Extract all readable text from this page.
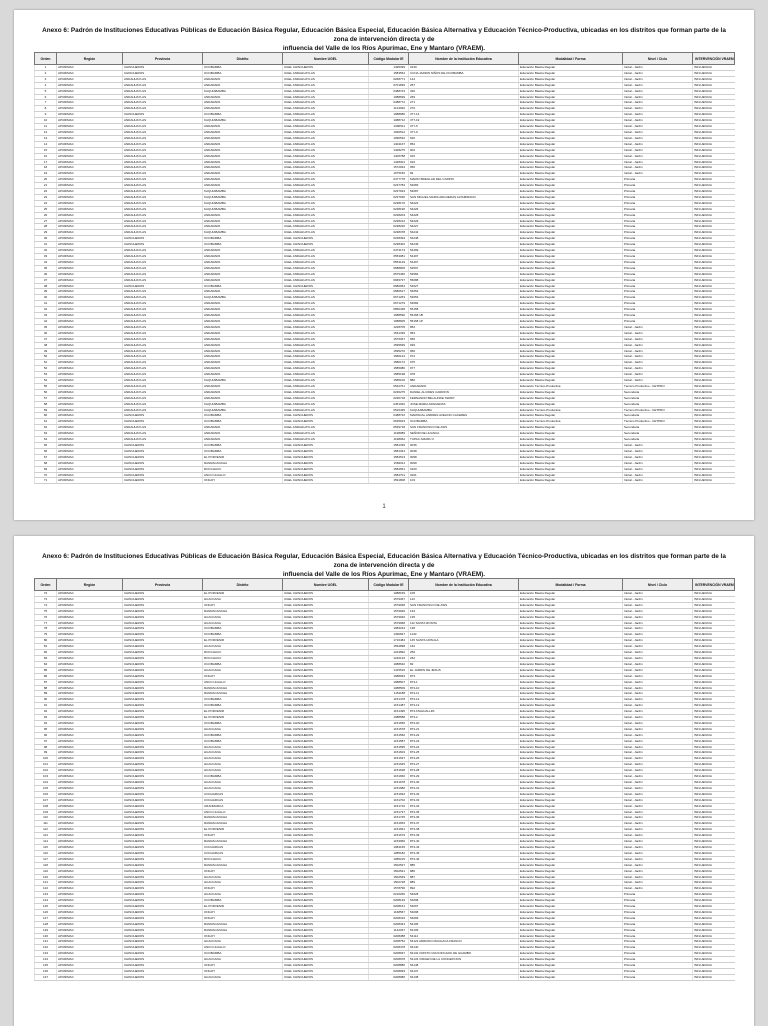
Anexo 6: Padrón de Instituciones Educativas Públicas de Educación Básica Regular, Educación Básica Especial, Educación Básica Alternativa y Educación Técnico-Productiva, ubicadas en los distritos que forman parte de la zona de intervención directa y de
influencia del Valle de los Ríos Apurímac, Ene y Mantaro (VRAEM).
Orden	Región	Provincia	Distrito	Nombre UGEL	Código Modular IE	Nombre de la Institución Educativa	Modalidad / Forma	Nivel / Ciclo	INTERVENCIÓN VRAEM
1	APURIMAC	CHINCHEROS	OCOBAMBA	UGEL CHINCHEROS	1495399	0130	Educación Básica Regular	Inicial - Jardín	INFLUENCIA
2	APURIMAC	CHINCHEROS	OCOBAMBA	UGEL ANDAHUAYLAS	1583564	CUNA JARDIN NIÑOS DE OCOBAMBA	Educación Básica Regular	Inicial - Jardín	INFLUENCIA
3	APURIMAC	ANDAHUAYLAS	ANDARAPA	UGEL ANDAHUAYLAS	0268771	144	Educación Básica Regular	Inicial - Jardín	INFLUENCIA
4	APURIMAC	ANDAHUAYLAS	ANDARAPA	UGEL ANDAHUAYLAS	0701839	257	Educación Básica Regular	Inicial - Jardín	INFLUENCIA
5	APURIMAC	ANDAHUAYLAS	KAQUIABAMBA	UGEL ANDAHUAYLAS	0488743	330	Educación Básica Regular	Inicial - Jardín	INFLUENCIA
6	APURIMAC	ANDAHUAYLAS	ANDARAPA	UGEL ANDAHUAYLAS	1088699	269	Educación Básica Regular	Inicial - Jardín	INFLUENCIA
7	APURIMAC	ANDAHUAYLAS	ANDARAPA	UGEL ANDAHUAYLAS	0488772	271	Educación Básica Regular	Inicial - Jardín	INFLUENCIA
8	APURIMAC	ANDAHUAYLAS	ANDARAPA	UGEL ANDAHUAYLAS	1124092	270	Educación Básica Regular	Inicial - Jardín	INFLUENCIA
9	APURIMAC	CHINCHEROS	OCOBAMBA	UGEL ANDAHUAYLAS	1088686	377-12	Educación Básica Regular	Inicial - Jardín	INFLUENCIA
10	APURIMAC	ANDAHUAYLAS	KAQUIABAMBA	UGEL ANDAHUAYLAS	1088712	377-19	Educación Básica Regular	Inicial - Jardín	INFLUENCIA
11	APURIMAC	ANDAHUAYLAS	ANDARAPA	UGEL ANDAHUAYLAS	1090511	377-5	Educación Básica Regular	Inicial - Jardín	INFLUENCIA
12	APURIMAC	ANDAHUAYLAS	ANDARAPA	UGEL ANDAHUAYLAS	1090512	377-9	Educación Básica Regular	Inicial - Jardín	INFLUENCIA
13	APURIMAC	ANDAHUAYLAS	ANDARAPA	UGEL ANDAHUAYLAS	1090532	620	Educación Básica Regular	Inicial - Jardín	INFLUENCIA
14	APURIMAC	ANDAHUAYLAS	ANDARAPA	UGEL ANDAHUAYLAS	1404167	854	Educación Básica Regular	Inicial - Jardín	INFLUENCIA
15	APURIMAC	ANDAHUAYLAS	ANDARAPA	UGEL ANDAHUAYLAS	1428275	902	Educación Básica Regular	Inicial - Jardín	INFLUENCIA
16	APURIMAC	ANDAHUAYLAS	ANDARAPA	UGEL ANDAHUAYLAS	1405788	915	Educación Básica Regular	Inicial - Jardín	INFLUENCIA
17	APURIMAC	ANDAHUAYLAS	ANDARAPA	UGEL ANDAHUAYLAS	1428301	916	Educación Básica Regular	Inicial - Jardín	INFLUENCIA
18	APURIMAC	ANDAHUAYLAS	ANDARAPA	UGEL ANDAHUAYLAS	1572934	956	Educación Básica Regular	Inicial - Jardín	INFLUENCIA
19	APURIMAC	ANDAHUAYLAS	ANDARAPA	UGEL ANDAHUAYLAS	1675150	82	Educación Básica Regular	Inicial - Jardín	INFLUENCIA
20	APURIMAC	ANDAHUAYLAS	ANDARAPA	UGEL ANDAHUAYLAS	0477778	MARIO BREGLAD DEL CARPIO	Educación Básica Regular	Primaria	INFLUENCIA
21	APURIMAC	ANDAHUAYLAS	ANDARAPA	UGEL ANDAHUAYLAS	0237784	54083	Educación Básica Regular	Primaria	INFLUENCIA
22	APURIMAC	ANDAHUAYLAS	KAQUIABAMBA	UGEL ANDAHUAYLAS	0237933	54087	Educación Básica Regular	Primaria	INFLUENCIA
23	APURIMAC	ANDAHUAYLAS	KAQUIABAMBA	UGEL ANDAHUAYLAS	0237930	SAN MIGUEL MARIA ARGUEDAS ALTAMIRANO	Educación Básica Regular	Primaria	INFLUENCIA
24	APURIMAC	ANDAHUAYLAS	KAQUIABAMBA	UGEL ANDAHUAYLAS	0238170	54222	Educación Básica Regular	Primaria	INFLUENCIA
25	APURIMAC	ANDAHUAYLAS	KAQUIABAMBA	UGEL ANDAHUAYLAS	0238196	54226	Educación Básica Regular	Primaria	INFLUENCIA
26	APURIMAC	ANDAHUAYLAS	ANDARAPA	UGEL ANDAHUAYLAS	0238204	54228	Educación Básica Regular	Primaria	INFLUENCIA
27	APURIMAC	ANDAHUAYLAS	ANDARAPA	UGEL ANDAHUAYLAS	0238212	54229	Educación Básica Regular	Primaria	INFLUENCIA
28	APURIMAC	ANDAHUAYLAS	ANDARAPA	UGEL ANDAHUAYLAS	0238220	54227	Educación Básica Regular	Primaria	INFLUENCIA
29	APURIMAC	ANDAHUAYLAS	KAQUIABAMBA	UGEL ANDAHUAYLAS	0238378	54242	Educación Básica Regular	Primaria	INFLUENCIA
30	APURIMAC	CHINCHEROS	OCOBAMBA	UGEL CHINCHEROS	0238394	54248	Educación Básica Regular	Primaria	INFLUENCIA
31	APURIMAC	CHINCHEROS	OCOBAMBA	UGEL CHINCHEROS	0238402	54249	Educación Básica Regular	Primaria	INFLUENCIA
32	APURIMAC	ANDAHUAYLAS	ANDARAPA	UGEL ANDAHUAYLAS	0473173	54499	Educación Básica Regular	Primaria	INFLUENCIA
33	APURIMAC	ANDAHUAYLAS	ANDARAPA	UGEL ANDAHUAYLAS	0553081	54497	Educación Básica Regular	Primaria	INFLUENCIA
34	APURIMAC	ANDAHUAYLAS	ANDARAPA	UGEL ANDAHUAYLAS	0553149	54497	Educación Básica Regular	Primaria	INFLUENCIA
35	APURIMAC	ANDAHUAYLAS	ANDARAPA	UGEL ANDAHUAYLAS	0588905	54597	Educación Básica Regular	Primaria	INFLUENCIA
36	APURIMAC	ANDAHUAYLAS	ANDARAPA	UGEL ANDAHUAYLAS	0575466	54582	Educación Básica Regular	Primaria	INFLUENCIA
37	APURIMAC	ANDAHUAYLAS	ANDARAPA	UGEL ANDAHUAYLAS	0665737	55088	Educación Básica Regular	Primaria	INFLUENCIA
38	APURIMAC	CHINCHEROS	OCOBAMBA	UGEL CHINCHEROS	0680954	54627	Educación Básica Regular	Primaria	INFLUENCIA
39	APURIMAC	ANDAHUAYLAS	ANDARAPA	UGEL ANDAHUAYLAS	0680617	54652	Educación Básica Regular	Primaria	INFLUENCIA
40	APURIMAC	ANDAHUAYLAS	KAQUIABAMBA	UGEL ANDAHUAYLAS	0671263	54653	Educación Básica Regular	Primaria	INFLUENCIA
41	APURIMAC	ANDAHUAYLAS	ANDARAPA	UGEL ANDAHUAYLAS	0671279	54684	Educación Básica Regular	Primaria	INFLUENCIA
42	APURIMAC	ANDAHUAYLAS	ANDARAPA	UGEL ANDAHUAYLAS	0856438	55158	Educación Básica Regular	Primaria	INFLUENCIA
43	APURIMAC	ANDAHUAYLAS	ANDARAPA	UGEL ANDAHUAYLAS	1088590	55168 1B	Educación Básica Regular	Primaria	INFLUENCIA
44	APURIMAC	ANDAHUAYLAS	ANDARAPA	UGEL ANDAHUAYLAS	1088605	55168 1P	Educación Básica Regular	Primaria	INFLUENCIA
45	APURIMAC	ANDAHUAYLAS	ANDARAPA	UGEL ANDAHUAYLAS	1228705	852	Educación Básica Regular	Inicial - Jardín	INFLUENCIA
46	APURIMAC	ANDAHUAYLAS	ANDARAPA	UGEL ANDAHUAYLAS	1531339	953	Educación Básica Regular	Inicial - Jardín	INFLUENCIA
47	APURIMAC	ANDAHUAYLAS	ANDARAPA	UGEL ANDAHUAYLAS	1575367	956	Educación Básica Regular	Inicial - Jardín	INFLUENCIA
48	APURIMAC	ANDAHUAYLAS	ANDARAPA	UGEL ANDAHUAYLAS	1595699	939	Educación Básica Regular	Inicial - Jardín	INFLUENCIA
49	APURIMAC	ANDAHUAYLAS	ANDARAPA	UGEL ANDAHUAYLAS	1595270	956	Educación Básica Regular	Inicial - Jardín	INFLUENCIA
50	APURIMAC	ANDAHUAYLAS	ANDARAPA	UGEL ANDAHUAYLAS	1580144	974	Educación Básica Regular	Inicial - Jardín	INFLUENCIA
51	APURIMAC	ANDAHUAYLAS	ANDARAPA	UGEL ANDAHUAYLAS	1580172	975	Educación Básica Regular	Inicial - Jardín	INFLUENCIA
52	APURIMAC	ANDAHUAYLAS	ANDARAPA	UGEL ANDAHUAYLAS	1585086	977	Educación Básica Regular	Inicial - Jardín	INFLUENCIA
53	APURIMAC	ANDAHUAYLAS	ANDARAPA	UGEL ANDAHUAYLAS	1585198	978	Educación Básica Regular	Inicial - Jardín	INFLUENCIA
54	APURIMAC	ANDAHUAYLAS	KAQUIABAMBA	UGEL ANDAHUAYLAS	1585106	880	Educación Básica Regular	Inicial - Jardín	INFLUENCIA
55	APURIMAC	ANDAHUAYLAS	ANDARAPA	UGEL ANDAHUAYLAS	0542761	ANDARAPA	Educación Técnico-Productiva	Técnico Productivo - CETPRO	INFLUENCIA
56	APURIMAC	ANDAHUAYLAS	ANDARAPA	UGEL ANDAHUAYLAS	0236275	DANIEL ALCIDES CARRION	Educación Básica Regular	Secundaria	INFLUENCIA
57	APURIMAC	ANDAHUAYLAS	ANDARAPA	UGEL ANDAHUAYLAS	0236718	FERNANDO BELAUNDE TERRY	Educación Básica Regular	Secundaria	INFLUENCIA
58	APURIMAC	ANDAHUAYLAS	KAQUIABAMBA	UGEL ANDAHUAYLAS	0451032	JOSE MARIA ARGUEDAS	Educación Básica Regular	Secundaria	INFLUENCIA
59	APURIMAC	ANDAHUAYLAS	KAQUIABAMBA	UGEL ANDAHUAYLAS	0516435	KAQUIABAMBA	Educación Técnico-Productiva	Técnico Productivo - CETPRO	INFLUENCIA
60	APURIMAC	CHINCHEROS	OCOBAMBA	UGEL CHINCHEROS	0488722	MARISCAL ANDRES AVELINO CACERES	Educación Básica Regular	Secundaria	INFLUENCIA
61	APURIMAC	CHINCHEROS	OCOBAMBA	UGEL CHINCHEROS	0635623	OCOBAMBA	Educación Técnico-Productiva	Técnico Productivo - CETPRO	INFLUENCIA
62	APURIMAC	ANDAHUAYLAS	ANDARAPA	UGEL ANDAHUAYLAS	0539718	SAN FRANCISCO DE ASIS	Educación Básica Regular	Secundaria	INFLUENCIA
63	APURIMAC	ANDAHUAYLAS	ANDARAPA	UGEL ANDAHUAYLAS	1198089	SEÑOR DE HUANCA	Educación Básica Regular	Secundaria	INFLUENCIA
64	APURIMAC	ANDAHUAYLAS	ANDARAPA	UGEL ANDAHUAYLAS	1198062	TUPAC AMARU II	Educación Básica Regular	Secundaria	INFLUENCIA
65	APURIMAC	CHINCHEROS	OCOBAMBA	UGEL CHINCHEROS	1581339	0036	Educación Básica Regular	Inicial - Jardín	INFLUENCIA
66	APURIMAC	CHINCHEROS	OCOBAMBA	UGEL CHINCHEROS	1581344	0038	Educación Básica Regular	Inicial - Jardín	INFLUENCIA
67	APURIMAC	CHINCHEROS	EL PORVENIR	UGEL CHINCHEROS	1584513	0098	Educación Básica Regular	Inicial - Jardín	INFLUENCIA
68	APURIMAC	CHINCHEROS	RANRACANCHA	UGEL CHINCHEROS	1584611	0099	Educación Básica Regular	Inicial - Jardín	INFLUENCIA
69	APURIMAC	CHINCHEROS	ROCCHACC	UGEL CHINCHEROS	1584651	0100	Educación Básica Regular	Inicial - Jardín	INFLUENCIA
70	APURIMAC	CHINCHEROS	ANCO HUALLO	UGEL CHINCHEROS	1584701	0101	Educación Básica Regular	Inicial - Jardín	INFLUENCIA
71	APURIMAC	CHINCHEROS	ONGOY	UGEL CHINCHEROS	1591808	103	Educación Básica Regular	Inicial - Jardín	INFLUENCIA
1
Anexo 6: Padrón de Instituciones Educativas Públicas de Educación Básica Regular, Educación Básica Especial, Educación Básica Alternativa y Educación Técnico-Productiva, ubicadas en los distritos que forman parte de la zona de intervención directa y de
influencia del Valle de los Ríos Apurímac, Ene y Mantaro (VRAEM).
Orden	Región	Provincia	Distrito	Nombre UGEL	Código Modular IE	Nombre de la Institución Educativa	Modalidad / Forma	Nivel / Ciclo	INTERVENCIÓN VRAEM
72	APURIMAC	CHINCHEROS	EL PORVENIR	UGEL CHINCHEROS	1088159	105	Educación Básica Regular	Inicial - Jardín	INFLUENCIA
73	APURIMAC	CHINCHEROS	HUACCANA	UGEL CHINCHEROS	1579367	113	Educación Básica Regular	Inicial - Jardín	INFLUENCIA
74	APURIMAC	CHINCHEROS	ONGOY	UGEL CHINCHEROS	1579938	SAN FRANCISCO DE ASIS	Educación Básica Regular	Inicial - Jardín	INFLUENCIA
75	APURIMAC	CHINCHEROS	RANRACANCHA	UGEL CHINCHEROS	1579946	133	Educación Básica Regular	Inicial - Jardín	INFLUENCIA
76	APURIMAC	CHINCHEROS	HUACCANA	UGEL CHINCHEROS	1579940	135	Educación Básica Regular	Inicial - Jardín	INFLUENCIA
77	APURIMAC	CHINCHEROS	HUACCANA	UGEL CHINCHEROS	1579968	112 SANTA ROSITA	Educación Básica Regular	Inicial - Jardín	INFLUENCIA
78	APURIMAC	CHINCHEROS	OCOBAMBA	UGEL CHINCHEROS	1083234	138	Educación Básica Regular	Inicial - Jardín	INFLUENCIA
79	APURIMAC	CHINCHEROS	OCOBAMBA	UGEL CHINCHEROS	1490847	1140	Educación Básica Regular	Inicial - Jardín	INFLUENCIA
80	APURIMAC	CHINCHEROS	EL PORVENIR	UGEL CHINCHEROS	1716484	145 SANTA URSULA	Educación Básica Regular	Inicial - Jardín	INFLUENCIA
81	APURIMAC	CHINCHEROS	HUACCANA	UGEL CHINCHEROS	1594898	162	Educación Básica Regular	Inicial - Jardín	INFLUENCIA
82	APURIMAC	CHINCHEROS	ROCCHACC	UGEL CHINCHEROS	1224892	256	Educación Básica Regular	Inicial - Jardín	INFLUENCIA
83	APURIMAC	CHINCHEROS	ROCCHACC	UGEL CHINCHEROS	1240132	262	Educación Básica Regular	Inicial - Jardín	INFLUENCIA
84	APURIMAC	CHINCHEROS	OCOBAMBA	UGEL CHINCHEROS	1088632	82	Educación Básica Regular	Inicial - Jardín	INFLUENCIA
85	APURIMAC	CHINCHEROS	HUACCANA	UGEL CHINCHEROS	1415516	EL JARDIN DE JESUS	Educación Básica Regular	Inicial - Jardín	INFLUENCIA
86	APURIMAC	CHINCHEROS	ONGOY	UGEL CHINCHEROS	1088993	873	Educación Básica Regular	Inicial - Jardín	INFLUENCIA
87	APURIMAC	CHINCHEROS	ANCO HUALLO	UGEL CHINCHEROS	1088507	873-1	Educación Básica Regular	Inicial - Jardín	INFLUENCIA
88	APURIMAC	CHINCHEROS	RANRACANCHA	UGEL CHINCHEROS	1088509	873-10	Educación Básica Regular	Inicial - Jardín	INFLUENCIA
89	APURIMAC	CHINCHEROS	RANRACANCHA	UGEL CHINCHEROS	1151188	873-11	Educación Básica Regular	Inicial - Jardín	INFLUENCIA
90	APURIMAC	CHINCHEROS	OCOBAMBA	UGEL CHINCHEROS	1151478	873-12	Educación Básica Regular	Inicial - Jardín	INFLUENCIA
91	APURIMAC	CHINCHEROS	OCOBAMBA	UGEL CHINCHEROS	1151487	873-13	Educación Básica Regular	Inicial - Jardín	INFLUENCIA
92	APURIMAC	CHINCHEROS	EL PORVENIR	UGEL CHINCHEROS	1151495	873 ATAHUALLPA	Educación Básica Regular	Inicial - Jardín	INFLUENCIA
93	APURIMAC	CHINCHEROS	EL PORVENIR	UGEL CHINCHEROS	1088588	873-2	Educación Básica Regular	Inicial - Jardín	INFLUENCIA
94	APURIMAC	CHINCHEROS	OCOBAMBA	UGEL CHINCHEROS	1151656	873-20	Educación Básica Regular	Inicial - Jardín	INFLUENCIA
95	APURIMAC	CHINCHEROS	HUACCANA	UGEL CHINCHEROS	1151578	873-21	Educación Básica Regular	Inicial - Jardín	INFLUENCIA
96	APURIMAC	CHINCHEROS	OCOBAMBA	UGEL CHINCHEROS	1151560	873-22	Educación Básica Regular	Inicial - Jardín	INFLUENCIA
97	APURIMAC	CHINCHEROS	OCOBAMBA	UGEL CHINCHEROS	1151587	873-23	Educación Básica Regular	Inicial - Jardín	INFLUENCIA
98	APURIMAC	CHINCHEROS	HUACCANA	UGEL CHINCHEROS	1151595	873-24	Educación Básica Regular	Inicial - Jardín	INFLUENCIA
99	APURIMAC	CHINCHEROS	HUACCANA	UGEL CHINCHEROS	1151603	873-25	Educación Básica Regular	Inicial - Jardín	INFLUENCIA
100	APURIMAC	CHINCHEROS	HUACCANA	UGEL CHINCHEROS	1151637	873-26	Educación Básica Regular	Inicial - Jardín	INFLUENCIA
101	APURIMAC	CHINCHEROS	HUACCANA	UGEL CHINCHEROS	1151645	873-27	Educación Básica Regular	Inicial - Jardín	INFLUENCIA
102	APURIMAC	CHINCHEROS	HUACCANA	UGEL CHINCHEROS	1151638	873-28	Educación Básica Regular	Inicial - Jardín	INFLUENCIA
103	APURIMAC	CHINCHEROS	OCOBAMBA	UGEL CHINCHEROS	1151660	873-29	Educación Básica Regular	Inicial - Jardín	INFLUENCIA
104	APURIMAC	CHINCHEROS	HUACCANA	UGEL CHINCHEROS	1151678	873-30	Educación Básica Regular	Inicial - Jardín	INFLUENCIA
105	APURIMAC	CHINCHEROS	HUACCANA	UGEL CHINCHEROS	1151686	873-31	Educación Básica Regular	Inicial - Jardín	INFLUENCIA
106	APURIMAC	CHINCHEROS	COCHARCAS	UGEL CHINCHEROS	1151694	873-32	Educación Básica Regular	Inicial - Jardín	INFLUENCIA
107	APURIMAC	CHINCHEROS	COCHARCAS	UGEL CHINCHEROS	1151702	873-33	Educación Básica Regular	Inicial - Jardín	INFLUENCIA
108	APURIMAC	CHINCHEROS	URANMARCA	UGEL CHINCHEROS	1151710	873-34	Educación Básica Regular	Inicial - Jardín	INFLUENCIA
109	APURIMAC	CHINCHEROS	ANCO HUALLO	UGEL CHINCHEROS	1151737	873-35	Educación Básica Regular	Inicial - Jardín	INFLUENCIA
110	APURIMAC	CHINCHEROS	RANRACANCHA	UGEL CHINCHEROS	1151745	873-36	Educación Básica Regular	Inicial - Jardín	INFLUENCIA
111	APURIMAC	CHINCHEROS	RANRACANCHA	UGEL CHINCHEROS	1151653	873-37	Educación Básica Regular	Inicial - Jardín	INFLUENCIA
112	APURIMAC	CHINCHEROS	EL PORVENIR	UGEL CHINCHEROS	1151661	873-38	Educación Básica Regular	Inicial - Jardín	INFLUENCIA
113	APURIMAC	CHINCHEROS	ONGOY	UGEL CHINCHEROS	1151679	873-39	Educación Básica Regular	Inicial - Jardín	INFLUENCIA
114	APURIMAC	CHINCHEROS	RANRACANCHA	UGEL CHINCHEROS	1153960	873-40	Educación Básica Regular	Inicial - Jardín	INFLUENCIA
115	APURIMAC	CHINCHEROS	COCHARCAS	UGEL CHINCHEROS	1084165	873-43	Educación Básica Regular	Inicial - Jardín	INFLUENCIA
116	APURIMAC	CHINCHEROS	COCHARCAS	UGEL CHINCHEROS	1085182	873-45	Educación Básica Regular	Inicial - Jardín	INFLUENCIA
117	APURIMAC	CHINCHEROS	ROCCHACC	UGEL CHINCHEROS	1085215	873-46	Educación Básica Regular	Inicial - Jardín	INFLUENCIA
118	APURIMAC	CHINCHEROS	RANRACANCHA	UGEL CHINCHEROS	1502537	885	Educación Básica Regular	Inicial - Jardín	INFLUENCIA
119	APURIMAC	CHINCHEROS	ONGOY	UGEL CHINCHEROS	1502541	880	Educación Básica Regular	Inicial - Jardín	INFLUENCIA
120	APURIMAC	CHINCHEROS	HUACCANA	UGEL CHINCHEROS	1502549	887	Educación Básica Regular	Inicial - Jardín	INFLUENCIA
121	APURIMAC	CHINCHEROS	HUACCANA	UGEL CHINCHEROS	1502728	889	Educación Básica Regular	Inicial - Jardín	INFLUENCIA
122	APURIMAC	CHINCHEROS	ONGOY	UGEL CHINCHEROS	1578796	892	Educación Básica Regular	Inicial - Jardín	INFLUENCIA
123	APURIMAC	CHINCHEROS	HUACCANA	UGEL CHINCHEROS	0210260	54028	Educación Básica Regular	Primaria	INFLUENCIA
124	APURIMAC	CHINCHEROS	OCOBAMBA	UGEL CHINCHEROS	0208149	54098	Educación Básica Regular	Primaria	INFLUENCIA
125	APURIMAC	CHINCHEROS	EL PORVENIR	UGEL CHINCHEROS	0208151	54097	Educación Básica Regular	Primaria	INFLUENCIA
126	APURIMAC	CHINCHEROS	ONGOY	UGEL CHINCHEROS	1168567	54098	Educación Básica Regular	Primaria	INFLUENCIA
127	APURIMAC	CHINCHEROS	ONGOY	UGEL CHINCHEROS	0208316	54099	Educación Básica Regular	Primaria	INFLUENCIA
128	APURIMAC	CHINCHEROS	RANRACANCHA	UGEL CHINCHEROS	0208344	54105	Educación Básica Regular	Primaria	INFLUENCIA
129	APURIMAC	CHINCHEROS	RANRACANCHA	UGEL CHINCHEROS	1142037	54109	Educación Básica Regular	Primaria	INFLUENCIA
130	APURIMAC	CHINCHEROS	ONGOY	UGEL CHINCHEROS	0208388	54112	Educación Básica Regular	Primaria	INFLUENCIA
131	APURIMAC	CHINCHEROS	HUACCANA	UGEL CHINCHEROS	0208752	54123 ADRIANO MACHACA FRANCO	Educación Básica Regular	Primaria	INFLUENCIA
132	APURIMAC	CHINCHEROS	ANCO HUALLO	UGEL CHINCHEROS	0208478	54140	Educación Básica Regular	Primaria	INFLUENCIA
133	APURIMAC	CHINCHEROS	OCOBAMBA	UGEL CHINCHEROS	0208937	54132 CRISTO CRUCIFICADO DE HUAMBO	Educación Básica Regular	Primaria	INFLUENCIA
134	APURIMAC	CHINCHEROS	HUACCANA	UGEL CHINCHEROS	0208978	54133 VIRGEN DE LA CONCEPCION	Educación Básica Regular	Primaria	INFLUENCIA
135	APURIMAC	CHINCHEROS	ONGOY	UGEL CHINCHEROS	0208886	54148	Educación Básica Regular	Primaria	INFLUENCIA
136	APURIMAC	CHINCHEROS	ONGOY	UGEL CHINCHEROS	0208993	54137	Educación Básica Regular	Primaria	INFLUENCIA
137	APURIMAC	CHINCHEROS	HUACCANA	UGEL CHINCHEROS	0208986	54138	Educación Básica Regular	Primaria	INFLUENCIA
